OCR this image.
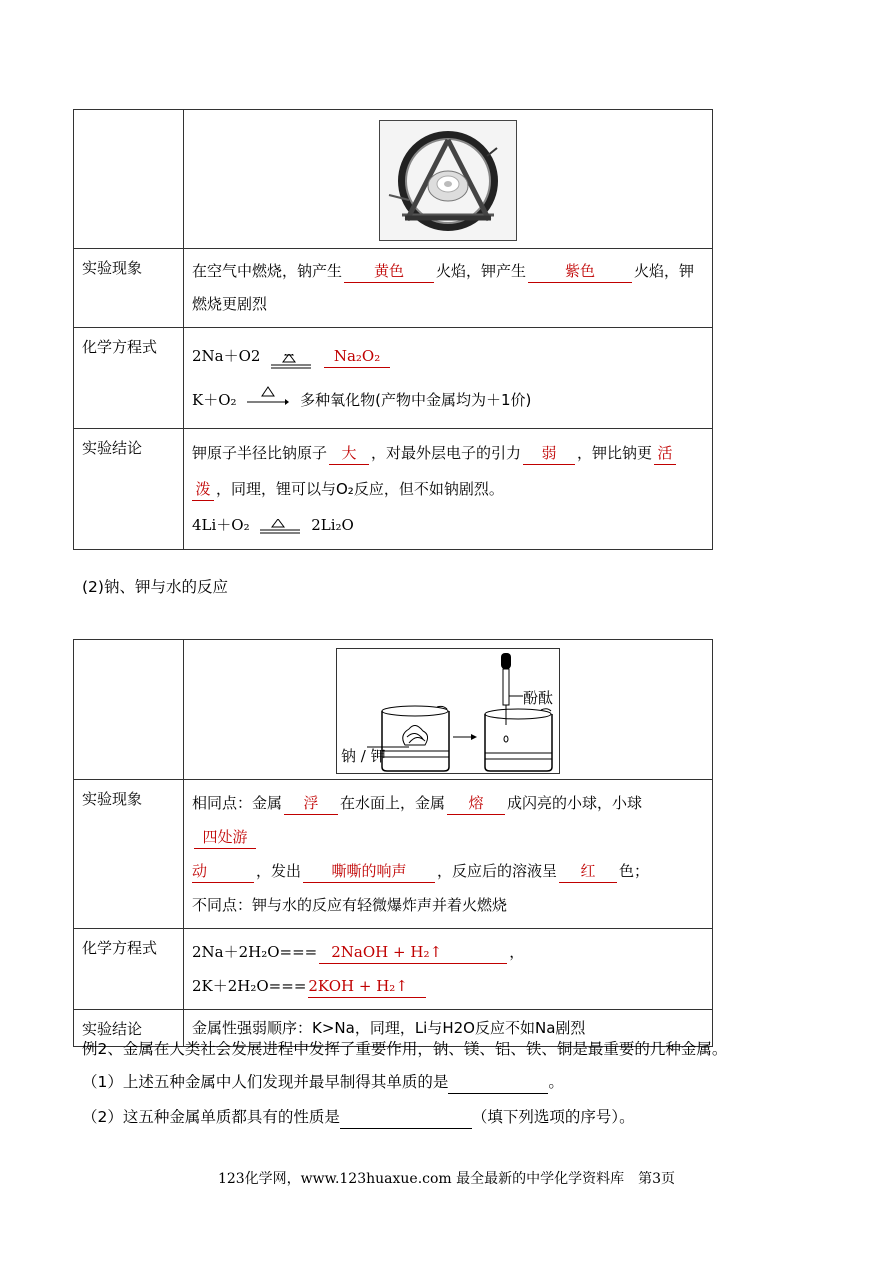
实验现象	在空气中燃烧，钠产生 黄色 火焰，钾产生 紫色 火焰，钾
燃烧更剧烈
化学方程式	2Na＋O2 Na₂O₂
K＋O₂ 多种氧化物(产物中金属均为＋1价)
实验结论	钾原子半径比钠原子 大 ，对最外层电子的引力 弱 ，钾比钠更 活
泼 ，同理，锂可以与O₂反应，但不如钠剧烈。
4Li＋O₂ 2Li₂O
(2)钠、钾与水的反应

	钠 / 钾
酚酞

实验现象	相同点：金属 浮 在水面上，金属 熔 成闪亮的小球，小球四处游
动 ，发出 嘶嘶的响声 ，反应后的溶液呈 红 色；
不同点：钾与水的反应有轻微爆炸声并着火燃烧
化学方程式	2Na＋2H₂O=== 2NaOH + H₂↑ ，
2K＋2H₂O=== 2KOH + H₂↑
实验结论	金属性强弱顺序：K>Na，同理，Li与H2O反应不如Na剧烈
例2、金属在人类社会发展进程中发挥了重要作用，钠、镁、铝、铁、铜是最重要的几种金属。
（1）上述五种金属中人们发现并最早制得其单质的是	。
（2）这五种金属单质都具有的性质是	（填下列选项的序号）。
123化学网，www.123huaxue.com 最全最新的中学化学资料库　第3页
